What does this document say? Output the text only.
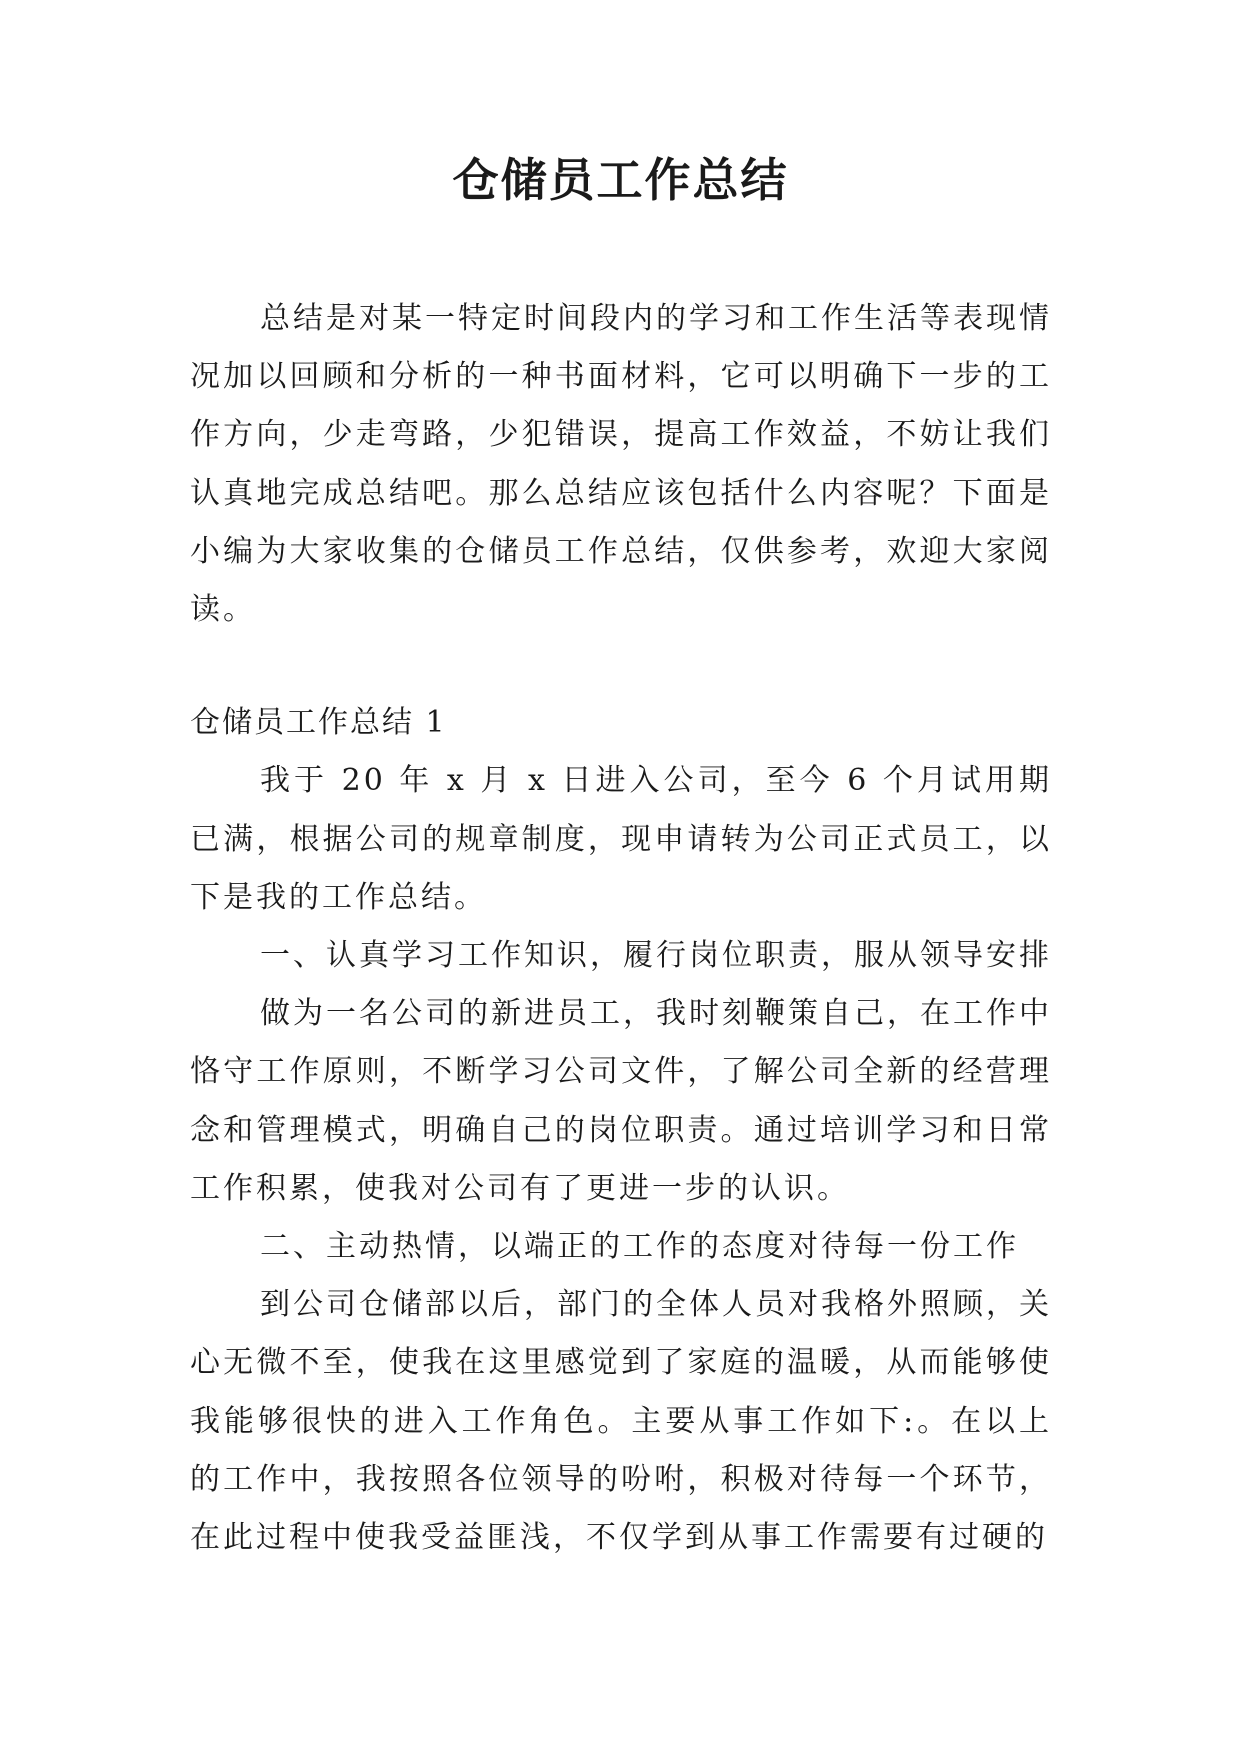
仓储员工作总结

总结是对某一特定时间段内的学习和工作生活等表现情况加以回顾和分析的一种书面材料，它可以明确下一步的工作方向，少走弯路，少犯错误，提高工作效益，不妨让我们认真地完成总结吧。那么总结应该包括什么内容呢？下面是小编为大家收集的仓储员工作总结，仅供参考，欢迎大家阅读。

仓储员工作总结 1

我于 20 年 x 月 x 日进入公司，至今 6 个月试用期已满，根据公司的规章制度，现申请转为公司正式员工，以下是我的工作总结。

一、认真学习工作知识，履行岗位职责，服从领导安排

做为一名公司的新进员工，我时刻鞭策自己，在工作中恪守工作原则，不断学习公司文件，了解公司全新的经营理念和管理模式，明确自己的岗位职责。通过培训学习和日常工作积累，使我对公司有了更进一步的认识。

二、主动热情，以端正的工作的态度对待每一份工作

到公司仓储部以后，部门的全体人员对我格外照顾，关心无微不至，使我在这里感觉到了家庭的温暖，从而能够使我能够很快的进入工作角色。主要从事工作如下:。在以上的工作中，我按照各位领导的吩咐，积极对待每一个环节，在此过程中使我受益匪浅，不仅学到从事工作需要有过硬的
